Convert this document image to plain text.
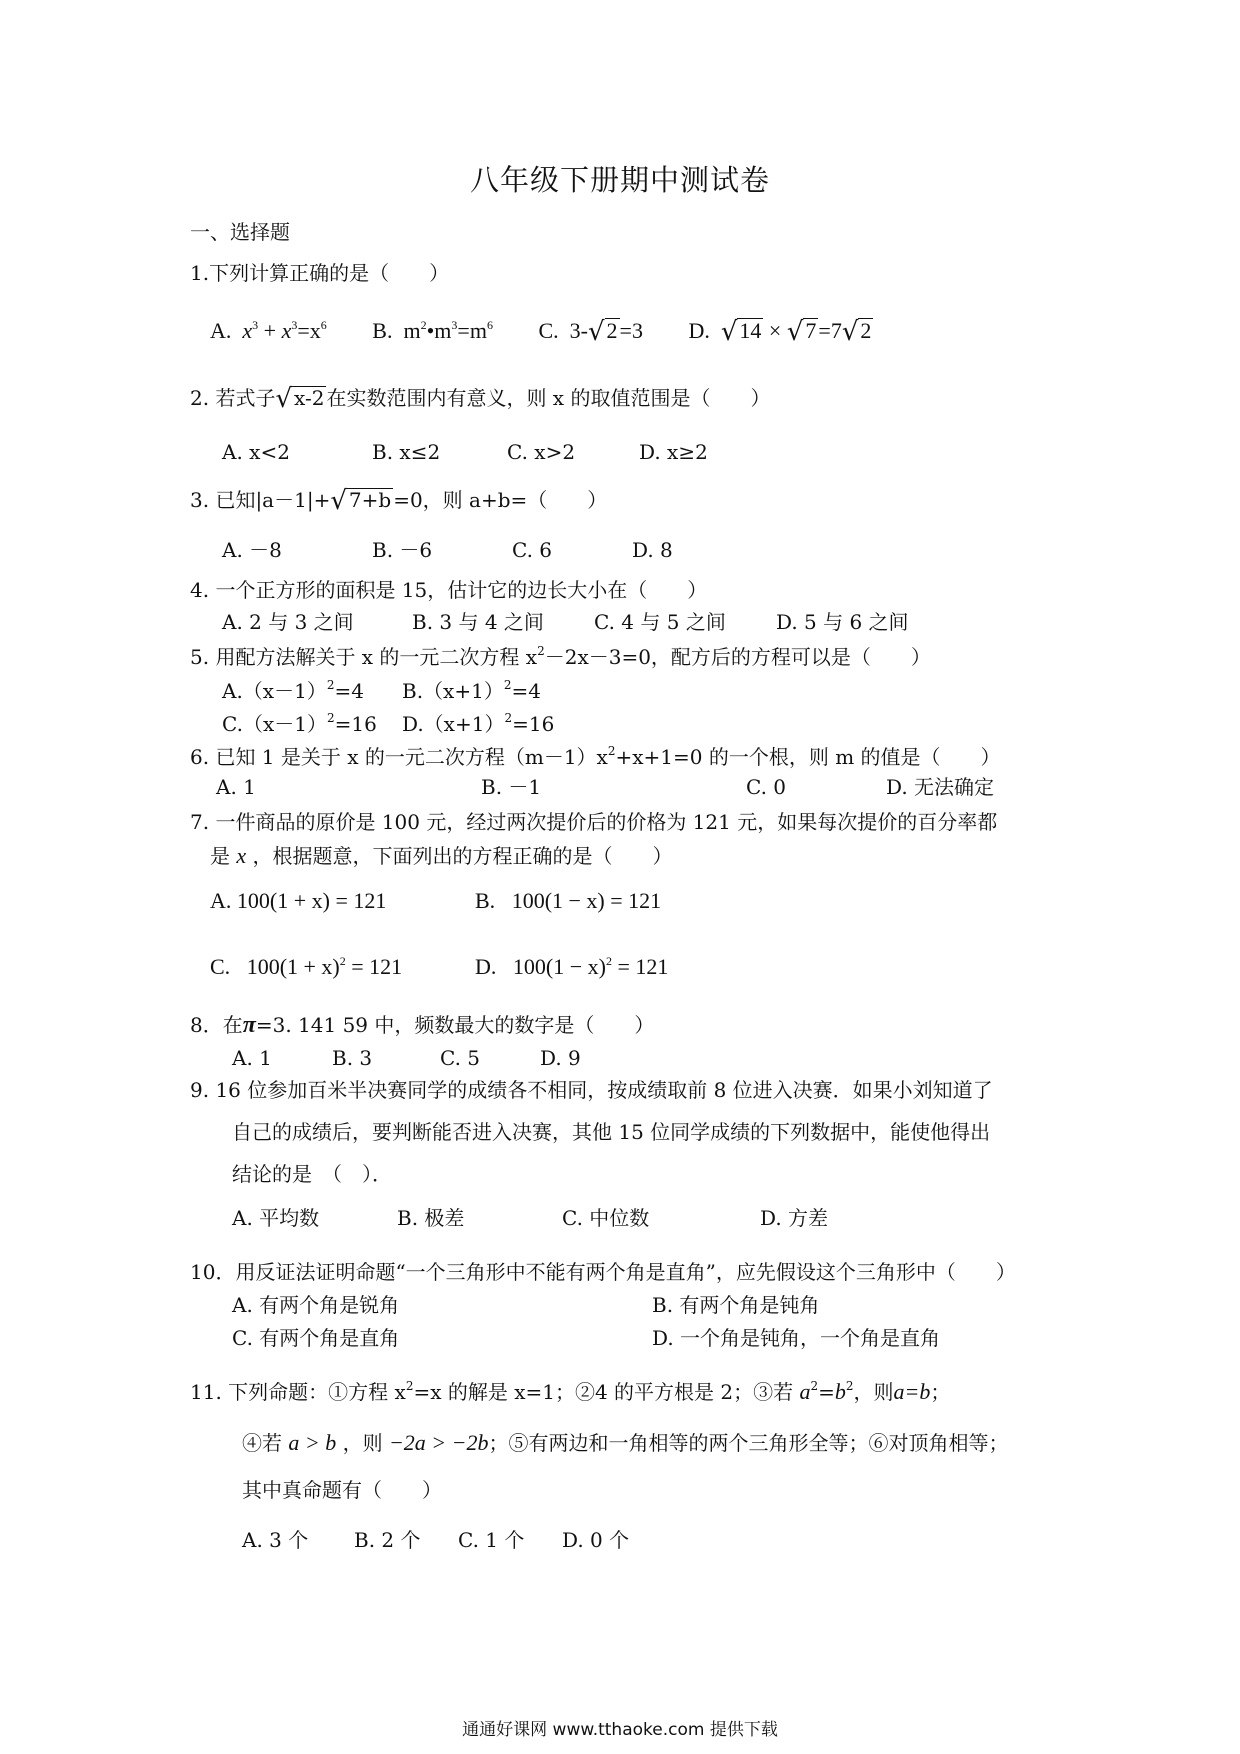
八年级下册期中测试卷
一、选择题
1.下列计算正确的是（　　）
A. $x^3 + x^3=x^6$ B. $m^2•m^3=m^6$ C. 3-√2=3 D. √14 × √7=7√2
2. 若式子√ x-2 在实数范围内有意义，则 x 的取值范围是（　　）
A. x<2	B. x≤2	C. x>2	D. x≥2
3. 已知|a－1|+√ 7+b =0，则 a+b=（　　）
A. －8	B. －6	C. 6	D. 8
4. 一个正方形的面积是 15，估计它的边长大小在（　　）
A. 2 与 3 之间	B. 3 与 4 之间	C. 4 与 5 之间	D. 5 与 6 之间
5. 用配方法解关于 x 的一元二次方程 $x^2-2x-3=0$，配方后的方程可以是（　　）
$A.(x-1)^2=4$ $B.(x+1)^2=4$
$C.(x-1)^2=16$ $D.(x+1)^2=16$
6. 已知 1 是关于 x 的一元二次方程$(m-1)x^2+x+1=0$ 的一个根，则 m 的值是（　　）
A. 1	B. －1	C. 0	D. 无法确定
7. 一件商品的原价是 100 元，经过两次提价后的价格为 121 元，如果每次提价的百分率都
是 x ，根据题意，下面列出的方程正确的是（　　）
A. 100(1 + x) = 121	B. 100(1 − x) = 121
C. $100(1 + x)^2 = 121$	D. $100(1 - x)^2 = 121$
8．在π=3. 141 59 中，频数最大的数字是（　　）
A. 1	B. 3	C. 5	D. 9
9. 16 位参加百米半决赛同学的成绩各不相同，按成绩取前 8 位进入决赛．如果小刘知道了
自己的成绩后，要判断能否进入决赛，其他 15 位同学成绩的下列数据中，能使他得出
结论的是　（　）．
A. 平均数	B. 极差	C. 中位数	D. 方差
10．用反证法证明命题“一个三角形中不能有两个角是直角”，应先假设这个三角形中（　　）
A. 有两个角是锐角	B. 有两个角是钝角
C. 有两个角是直角	D. 一个角是钝角，一个角是直角
11. 下列命题：①方程 $x^2=x$ 的解是 x=1；②4 的平方根是 2；③若 $a^2=b^2$，则a=b；
④若 a > b ，则 −2a > −2b；⑤有两边和一角相等的两个三角形全等；⑥对顶角相等；
其中真命题有（　　）
A. 3 个 B. 2 个 C. 1 个 D. 0 个
通通好课网 www.tthaoke.com 提供下载
